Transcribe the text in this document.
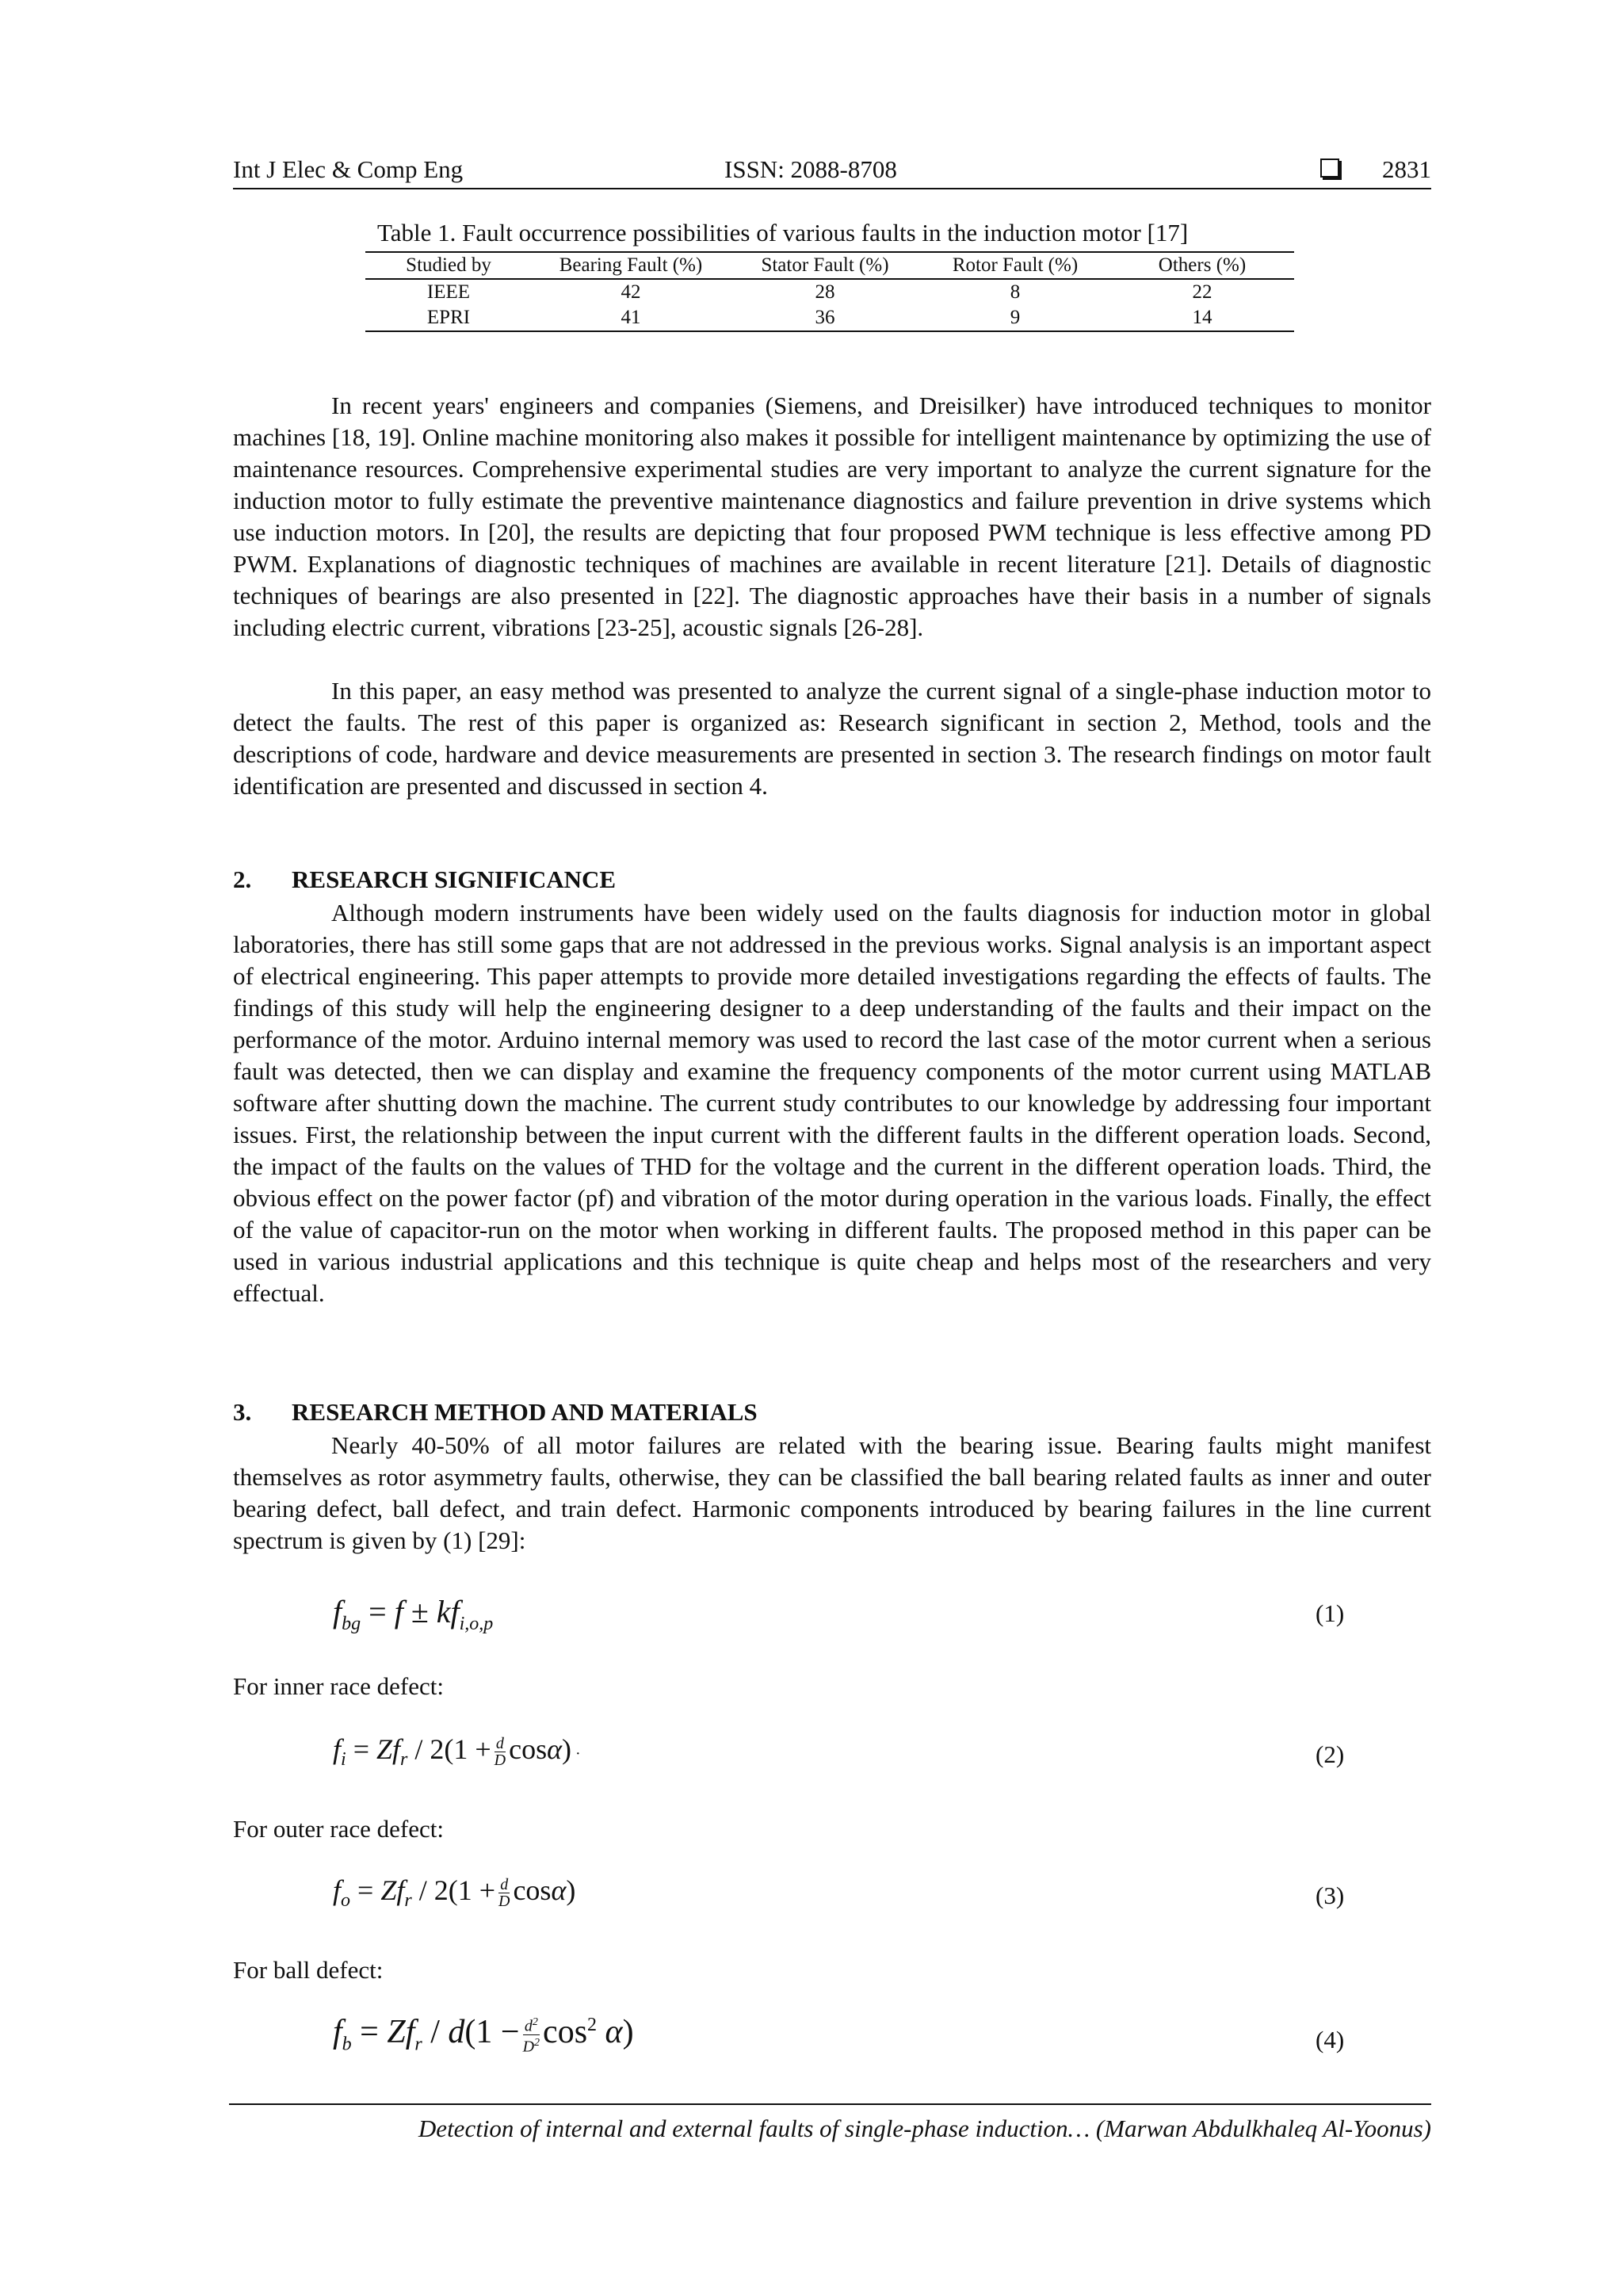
Int J Elec & Comp Eng	ISSN: 2088-8708	2831
Table 1. Fault occurrence possibilities of various faults in the induction motor [17]
Studied by	Bearing Fault (%)	Stator Fault (%)	Rotor Fault (%)	Others (%)
IEEE	42	28	8	22
EPRI	41	36	9	14

In recent years' engineers and companies (Siemens, and Dreisilker) have introduced techniques to monitor machines [18, 19]. Online machine monitoring also makes it possible for intelligent maintenance by optimizing the use of maintenance resources. Comprehensive experimental studies are very important to analyze the current signature for the induction motor to fully estimate the preventive maintenance diagnostics and failure prevention in drive systems which use induction motors. In [20], the results are depicting that four proposed PWM technique is less effective among PD PWM. Explanations of diagnostic techniques of machines are available in recent literature [21]. Details of diagnostic techniques of bearings are also presented in [22]. The diagnostic approaches have their basis in a number of signals including electric current, vibrations [23-25], acoustic signals [26-28].

In this paper, an easy method was presented to analyze the current signal of a single-phase induction motor to detect the faults. The rest of this paper is organized as: Research significant in section 2, Method, tools and the descriptions of code, hardware and device measurements are presented in section 3. The research findings on motor fault identification are presented and discussed in section 4.

2. RESEARCH SIGNIFICANCE

Although modern instruments have been widely used on the faults diagnosis for induction motor in global laboratories, there has still some gaps that are not addressed in the previous works. Signal analysis is an important aspect of electrical engineering. This paper attempts to provide more detailed investigations regarding the effects of faults. The findings of this study will help the engineering designer to a deep understanding of the faults and their impact on the performance of the motor. Arduino internal memory was used to record the last case of the motor current when a serious fault was detected, then we can display and examine the frequency components of the motor current using MATLAB software after shutting down the machine. The current study contributes to our knowledge by addressing four important issues. First, the relationship between the input current with the different faults in the different operation loads. Second, the impact of the faults on the values of THD for the voltage and the current in the different operation loads. Third, the obvious effect on the power factor (pf) and vibration of the motor during operation in the various loads. Finally, the effect of the value of capacitor-run on the motor when working in different faults. The proposed method in this paper can be used in various industrial applications and this technique is quite cheap and helps most of the researchers and very effectual.

3. RESEARCH METHOD AND MATERIALS

Nearly 40-50% of all motor failures are related with the bearing issue. Bearing faults might manifest themselves as rotor asymmetry faults, otherwise, they can be classified the ball bearing related faults as inner and outer bearing defect, ball defect, and train defect. Harmonic components introduced by bearing failures in the line current spectrum is given by (1) [29]:

$f_{bg} = f \pm kf_{i,o,p}$	(1)
For inner race defect:
$f_i = Zf_r / 2(1 + \frac{d}{D} \cos\alpha)$ ·	(2)
For outer race defect:
$f_o = Zf_r / 2(1 + \frac{d}{D} \cos\alpha)$	(3)
For ball defect:
$f_b = Zf_r / d(1 - \frac{d^2}{D^2} \cos^2 \alpha)$	(4)
Detection of internal and external faults of single-phase induction… (Marwan Abdulkhaleq Al-Yoonus)
